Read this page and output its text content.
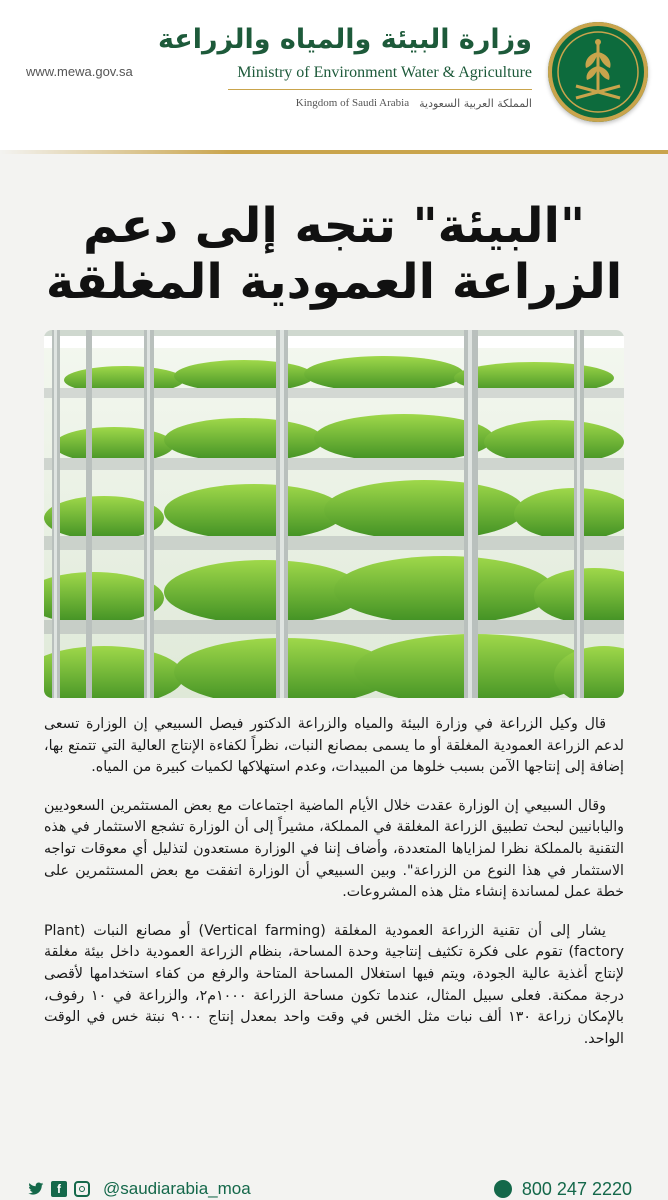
www.mewa.gov.sa
وزارة البيئة والمياه والزراعة
Ministry of Environment Water & Agriculture
Kingdom of Saudi Arabia المملكة العربية السعودية
"البيئة" تتجه إلى دعم
الزراعة العمودية المغلقة

قال وكيل الزراعة في وزارة البيئة والمياه والزراعة الدكتور فيصل السبيعي إن الوزارة تسعى لدعم الزراعة العمودية المغلقة أو ما يسمى بمصانع النبات، نظراً لكفاءة الإنتاج العالية التي تتمتع بها، إضافة إلى إنتاجها الآمن بسبب خلوها من المبيدات، وعدم استهلاكها لكميات كبيرة من المياه.

وقال السبيعي إن الوزارة عقدت خلال الأيام الماضية اجتماعات مع بعض المستثمرين السعوديين واليابانيين لبحث تطبيق الزراعة المغلقة في المملكة، مشيراً إلى أن الوزارة تشجع الاستثمار في هذه التقنية بالمملكة نظرا لمزاياها المتعددة، وأضاف إننا في الوزارة مستعدون لتذليل أي معوقات تواجه الاستثمار في هذا النوع من الزراعة". وبين السبيعي أن الوزارة اتفقت مع بعض المستثمرين على خطة عمل لمساندة إنشاء مثل هذه المشروعات.

يشار إلى أن تقنية الزراعة العمودية المغلقة (Vertical farming) أو مصانع النبات (Plant factory) تقوم على فكرة تكثيف إنتاجية وحدة المساحة، بنظام الزراعة العمودية داخل بيئة مغلقة لإنتاج أغذية عالية الجودة، ويتم فيها استغلال المساحة المتاحة والرفع من كفاء استخدامها لأقصى درجة ممكنة. فعلى سبيل المثال، عندما تكون مساحة الزراعة ١٠٠٠م٢، والزراعة في ١٠ رفوف، بالإمكان زراعة ١٣٠ ألف نبات مثل الخس في وقت واحد بمعدل إنتاج ٩٠٠٠ نبتة خس في الوقت الواحد.

f	@saudiarabia_moa	800 247 2220
